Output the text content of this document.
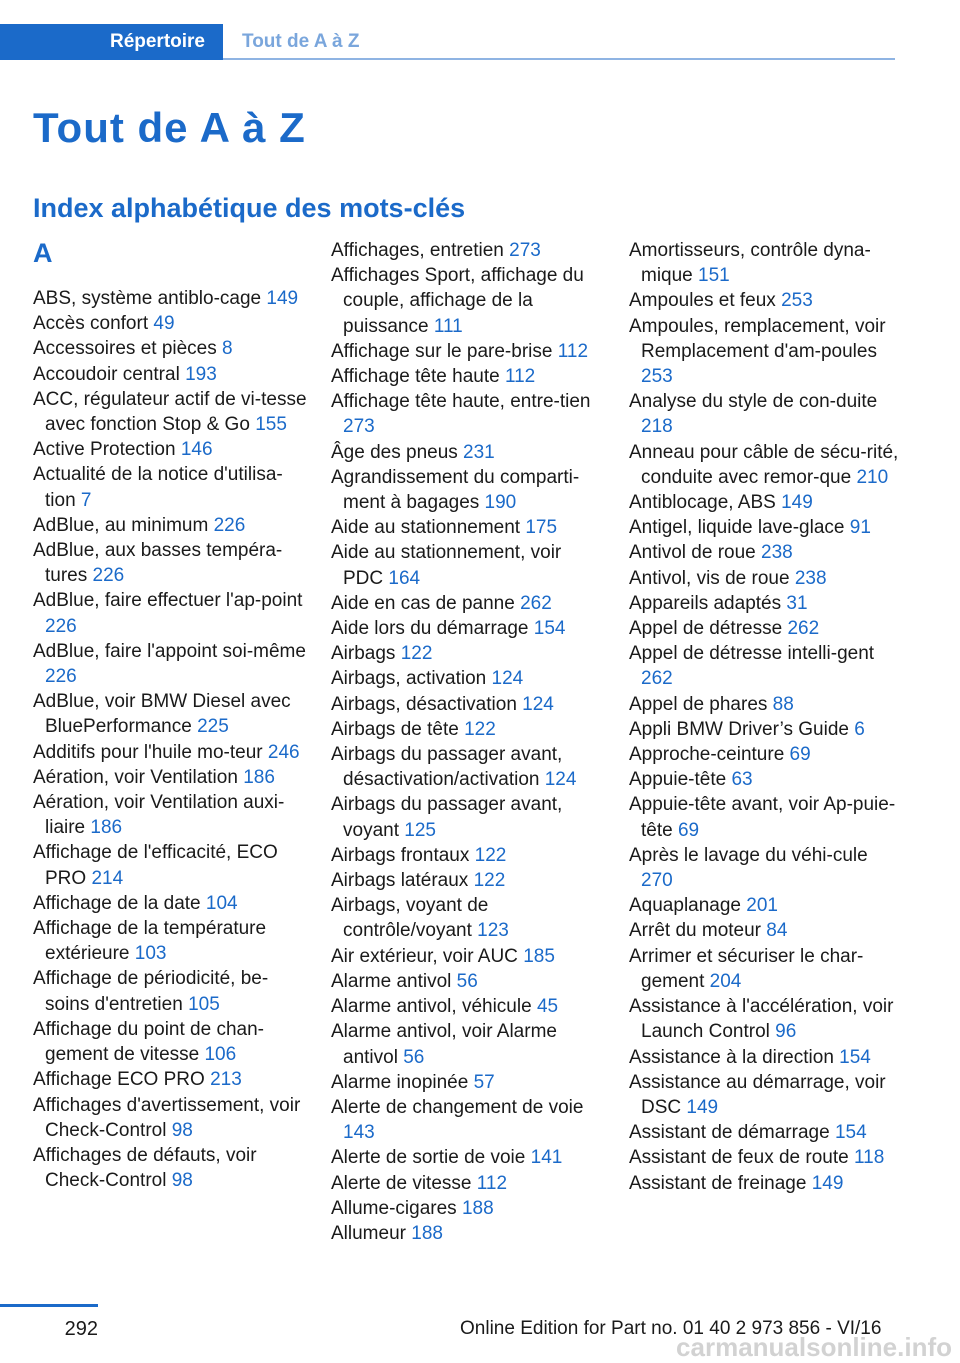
Répertoire	Tout de A à Z
Tout de A à Z
Index alphabétique des mots-clés
A
ABS, système antiblo-cage 149
Accès confort 49
Accessoires et pièces 8
Accoudoir central 193
ACC, régulateur actif de vi-tesse avec fonction Stop & Go 155
Active Protection 146
Actualité de la notice d'utilisa-tion 7
AdBlue, au minimum 226
AdBlue, aux basses tempéra-tures 226
AdBlue, faire effectuer l'ap-point 226
AdBlue, faire l'appoint soi-même 226
AdBlue, voir BMW Diesel avec BluePerformance 225
Additifs pour l'huile mo-teur 246
Aération, voir Ventilation 186
Aération, voir Ventilation auxi-liaire 186
Affichage de l'efficacité, ECO PRO 214
Affichage de la date 104
Affichage de la température extérieure 103
Affichage de périodicité, be-soins d'entretien 105
Affichage du point de chan-gement de vitesse 106
Affichage ECO PRO 213
Affichages d'avertissement, voir Check-Control 98
Affichages de défauts, voir Check-Control 98
Affichages, entretien 273
Affichages Sport, affichage du couple, affichage de la puissance 111
Affichage sur le pare-brise 112
Affichage tête haute 112
Affichage tête haute, entre-tien 273
Âge des pneus 231
Agrandissement du comparti-ment à bagages 190
Aide au stationnement 175
Aide au stationnement, voir PDC 164
Aide en cas de panne 262
Aide lors du démarrage 154
Airbags 122
Airbags, activation 124
Airbags, désactivation 124
Airbags de tête 122
Airbags du passager avant, désactivation/activation 124
Airbags du passager avant, voyant 125
Airbags frontaux 122
Airbags latéraux 122
Airbags, voyant de contrôle/voyant 123
Air extérieur, voir AUC 185
Alarme antivol 56
Alarme antivol, véhicule 45
Alarme antivol, voir Alarme antivol 56
Alarme inopinée 57
Alerte de changement de voie 143
Alerte de sortie de voie 141
Alerte de vitesse 112
Allume-cigares 188
Allumeur 188
Amortisseurs, contrôle dyna-mique 151
Ampoules et feux 253
Ampoules, remplacement, voir Remplacement d'am-poules 253
Analyse du style de con-duite 218
Anneau pour câble de sécu-rité, conduite avec remor-que 210
Antiblocage, ABS 149
Antigel, liquide lave-glace 91
Antivol de roue 238
Antivol, vis de roue 238
Appareils adaptés 31
Appel de détresse 262
Appel de détresse intelli-gent 262
Appel de phares 88
Appli BMW Driver’s Guide 6
Approche-ceinture 69
Appuie-tête 63
Appuie-tête avant, voir Ap-puie-tête 69
Après le lavage du véhi-cule 270
Aquaplanage 201
Arrêt du moteur 84
Arrimer et sécuriser le char-gement 204
Assistance à l'accélération, voir Launch Control 96
Assistance à la direction 154
Assistance au démarrage, voir DSC 149
Assistant de démarrage 154
Assistant de feux de route 118
Assistant de freinage 149
292	Online Edition for Part no. 01 40 2 973 856 - VI/16
carmanualsonline.info
